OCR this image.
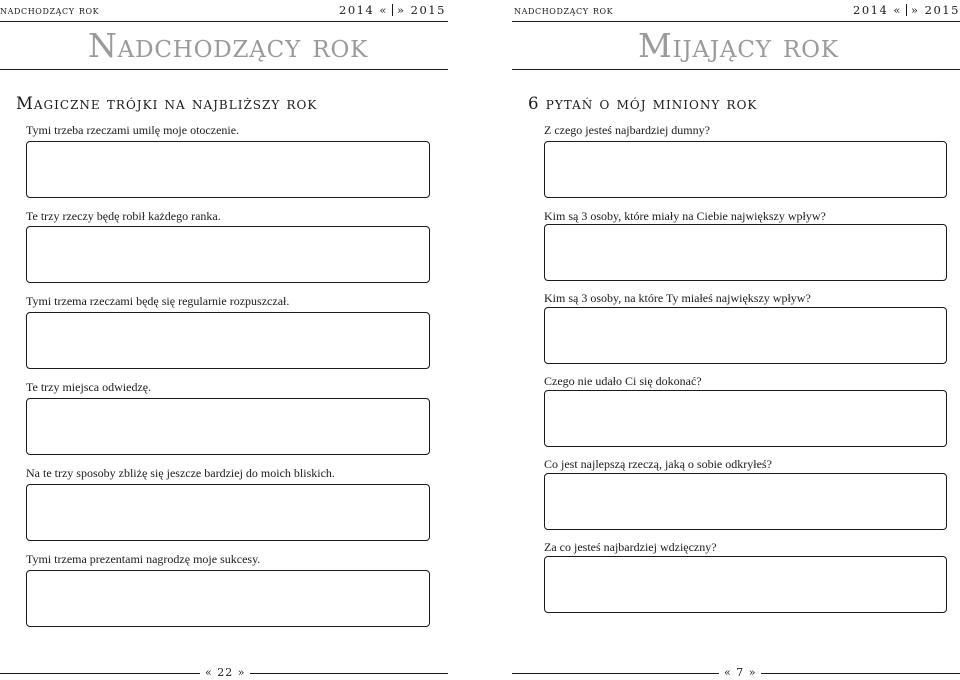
nadchodzący rok	2014 « » 2015
Nadchodzący rok
Magiczne trójki na najbliższy rok
Tymi trzeba rzeczami umilę moje otoczenie.
Te trzy rzeczy będę robił każdego ranka.
Tymi trzema rzeczami będę się regularnie rozpuszczał.
Te trzy miejsca odwiedzę.
Na te trzy sposoby zbliżę się jeszcze bardziej do moich bliskich.
Tymi trzema prezentami nagrodzę moje sukcesy.
« 22 »
nadchodzący rok	2014 « » 2015
Mijający rok
6 pytań o mój miniony rok
Z czego jesteś najbardziej dumny?
Kim są 3 osoby, które miały na Ciebie największy wpływ?
Kim są 3 osoby, na które Ty miałeś największy wpływ?
Czego nie udało Ci się dokonać?
Co jest najlepszą rzeczą, jaką o sobie odkryłeś?
Za co jesteś najbardziej wdzięczny?
« 7 »
